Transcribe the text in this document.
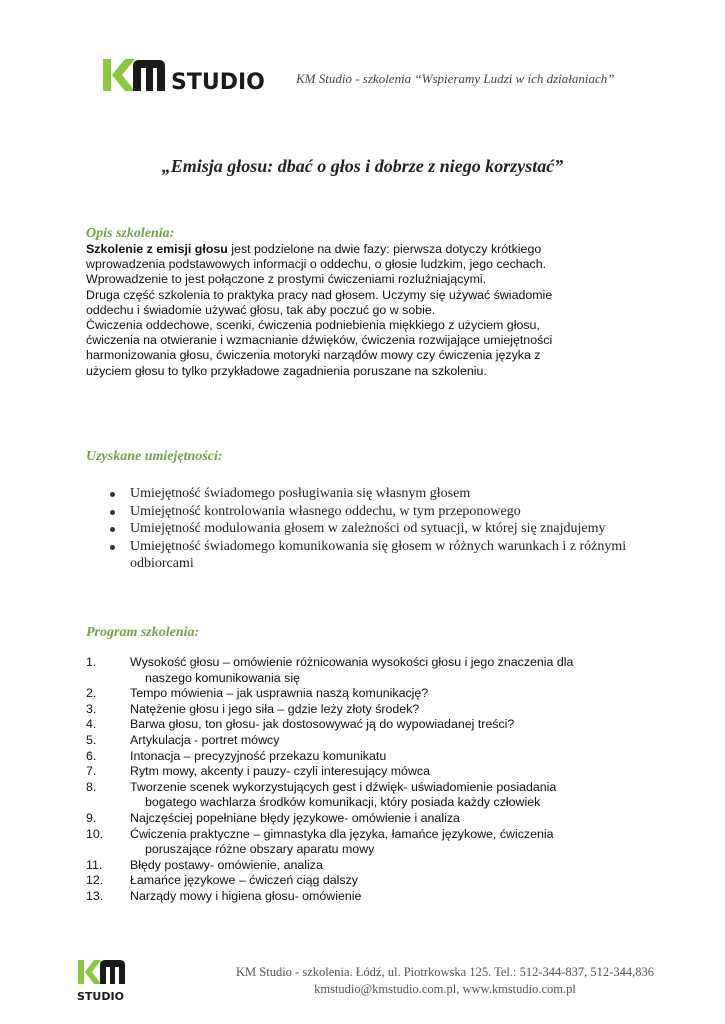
STUDIO KM Studio - szkolenia “Wspieramy Ludzi w ich działaniach”
„Emisja głosu: dbać o głos i dobrze z niego korzystać”
Opis szkolenia:

Szkolenie z emisji głosu jest podzielone na dwie fazy: pierwsza dotyczy krótkiego

wprowadzenia podstawowych informacji o oddechu, o głosie ludzkim, jego cechach.

Wprowadzenie to jest połączone z prostymi ćwiczeniami rozluźniającymi.

Druga część szkolenia to praktyka pracy nad głosem. Uczymy się używać świadomie

oddechu i świadomie używać głosu, tak aby poczuć go w sobie.

Ćwiczenia oddechowe, scenki, ćwiczenia podniebienia miękkiego z użyciem głosu,

ćwiczenia na otwieranie i wzmacnianie dźwięków, ćwiczenia rozwijające umiejętności

harmonizowania głosu, ćwiczenia motoryki narządów mowy czy ćwiczenia języka z

użyciem głosu to tylko przykładowe zagadnienia poruszane na szkoleniu.

Uzyskane umiejętności:
Umiejętność świadomego posługiwania się własnym głosem
Umiejętność kontrolowania własnego oddechu, w tym przeponowego
Umiejętność modulowania głosem w zależności od sytuacji, w której się znajdujemy
Umiejętność świadomego komunikowania się głosem w różnych warunkach i z różnymi odbiorcami
Program szkolenia:
1.	Wysokość głosu – omówienie różnicowania wysokości głosu i jego znaczenia dla
naszego komunikowania się
2.	Tempo mówienia – jak usprawnia naszą komunikację?
3.	Natężenie głosu i jego siła – gdzie leży złoty środek?
4.	Barwa głosu, ton głosu- jak dostosowywać ją do wypowiadanej treści?
5.	Artykulacja - portret mówcy
6.	Intonacja – precyzyjność przekazu komunikatu
7.	Rytm mowy, akcenty i pauzy- czyli interesujący mówca
8.	Tworzenie scenek wykorzystujących gest i dźwięk- uświadomienie posiadania
bogatego wachlarza środków komunikacji, który posiada każdy człowiek
9.	Najczęściej popełniane błędy językowe- omówienie i analiza
10. Ćwiczenia praktyczne – gimnastyka dla języka, łamańce językowe, ćwiczenia
poruszające różne obszary aparatu mowy
11. Błędy postawy- omówienie, analiza
12. Łamańce językowe – ćwiczeń ciąg dalszy
13. Narządy mowy i higiena głosu- omówienie
STUDIO
KM Studio - szkolenia. Łódź, ul. Piotrkowska 125. Tel.: 512-344-837, 512-344,836
kmstudio@kmstudio.com.pl, www.kmstudio.com.pl
